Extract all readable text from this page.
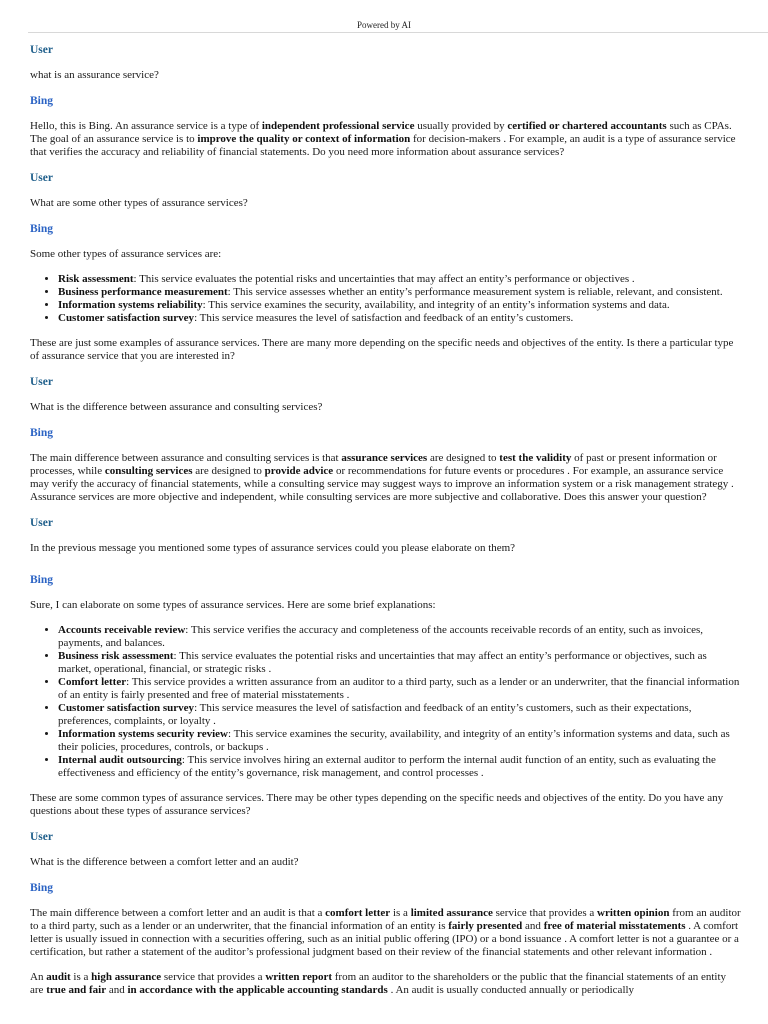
Powered by AI
User

what is an assurance service?

Bing

Hello, this is Bing. An assurance service is a type of independent professional service usually provided by certified or chartered accountants such as CPAs. The goal of an assurance service is to improve the quality or context of information for decision-makers . For example, an audit is a type of assurance service that verifies the accuracy and reliability of financial statements. Do you need more information about assurance services?

User

What are some other types of assurance services?

Bing

Some other types of assurance services are:

• Risk assessment: This service evaluates the potential risks and uncertainties that may affect an entity’s performance or objectives .
• Business performance measurement: This service assesses whether an entity’s performance measurement system is reliable, relevant, and consistent.
• Information systems reliability: This service examines the security, availability, and integrity of an entity’s information systems and data.
• Customer satisfaction survey: This service measures the level of satisfaction and feedback of an entity’s customers.

These are just some examples of assurance services. There are many more depending on the specific needs and objectives of the entity. Is there a particular type of assurance service that you are interested in?

User

What is the difference between assurance and consulting services?

Bing

The main difference between assurance and consulting services is that assurance services are designed to test the validity of past or present information or processes, while consulting services are designed to provide advice or recommendations for future events or procedures . For example, an assurance service may verify the accuracy of financial statements, while a consulting service may suggest ways to improve an information system or a risk management strategy . Assurance services are more objective and independent, while consulting services are more subjective and collaborative. Does this answer your question?

User

In the previous message you mentioned some types of assurance services could you please elaborate on them?

Bing

Sure, I can elaborate on some types of assurance services. Here are some brief explanations:

• Accounts receivable review: This service verifies the accuracy and completeness of the accounts receivable records of an entity, such as invoices, payments, and balances.
• Business risk assessment: This service evaluates the potential risks and uncertainties that may affect an entity’s performance or objectives, such as market, operational, financial, or strategic risks .
• Comfort letter: This service provides a written assurance from an auditor to a third party, such as a lender or an underwriter, that the financial information of an entity is fairly presented and free of material misstatements .
• Customer satisfaction survey: This service measures the level of satisfaction and feedback of an entity’s customers, such as their expectations, preferences, complaints, or loyalty .
• Information systems security review: This service examines the security, availability, and integrity of an entity’s information systems and data, such as their policies, procedures, controls, or backups .
• Internal audit outsourcing: This service involves hiring an external auditor to perform the internal audit function of an entity, such as evaluating the effectiveness and efficiency of the entity’s governance, risk management, and control processes .

These are some common types of assurance services. There may be other types depending on the specific needs and objectives of the entity. Do you have any questions about these types of assurance services?

User

What is the difference between a comfort letter and an audit?

Bing

The main difference between a comfort letter and an audit is that a comfort letter is a limited assurance service that provides a written opinion from an auditor to a third party, such as a lender or an underwriter, that the financial information of an entity is fairly presented and free of material misstatements . A comfort letter is usually issued in connection with a securities offering, such as an initial public offering (IPO) or a bond issuance . A comfort letter is not a guarantee or a certification, but rather a statement of the auditor’s professional judgment based on their review of the financial statements and other relevant information .

An audit is a high assurance service that provides a written report from an auditor to the shareholders or the public that the financial statements of an entity are true and fair and in accordance with the applicable accounting standards . An audit is usually conducted annually or periodically
